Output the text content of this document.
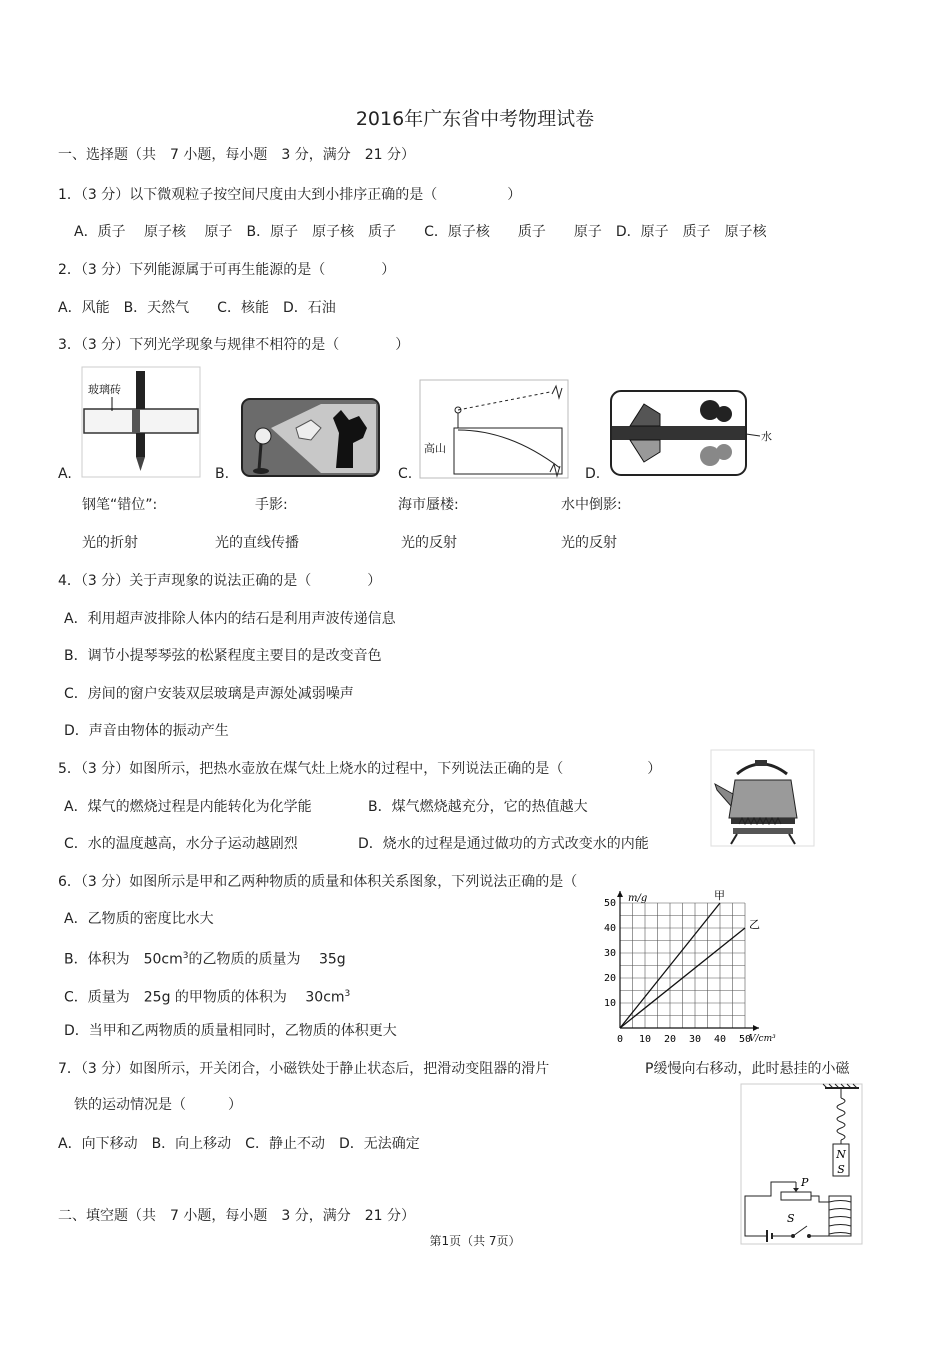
2016年广东省中考物理试卷
一、选择题（共　7 小题，每小题　3 分，满分　21 分）
1．（3 分）以下微观粒子按空间尺度由大到小排序正确的是（　　　　　）
A．质子　 原子核　 原子　B．原子　原子核　质子　　C．原子核　　质子　　原子　D．原子　质子　原子核
2．（3 分）下列能源属于可再生能源的是（　　　　）
A．风能　B．天然气　　C．核能　D．石油
3．（3 分）下列光学现象与规律不相符的是（　　　　）
A.
玻璃砖
B.	C.
高山
D.
水
钢笔“错位”:	手影:	海市蜃楼:	水中倒影:
光的折射	光的直线传播	光的反射	光的反射
4．（3 分）关于声现象的说法正确的是（　　　　）
A．利用超声波排除人体内的结石是利用声波传递信息
B．调节小提琴琴弦的松紧程度主要目的是改变音色
C．房间的窗户安装双层玻璃是声源处减弱噪声
D．声音由物体的振动产生
5．（3 分）如图所示，把热水壶放在煤气灶上烧水的过程中，下列说法正确的是（　　　　　　）
A．煤气的燃烧过程是内能转化为化学能	B．煤气燃烧越充分，它的热值越大
C．水的温度越高，水分子运动越剧烈	D．烧水的过程是通过做功的方式改变水的内能
6．（3 分）如图所示是甲和乙两种物质的质量和体积关系图象，下列说法正确的是（
A．乙物质的密度比水大
B．体积为　$50cm^3$的乙物质的质量为　 35g
C．质量为　25g 的甲物质的体积为　 $30cm^3$
D．当甲和乙两物质的质量相同时，乙物质的体积更大
m/g
V/cm³
0 10 20 30 40 50
10
20
30
40
50
甲
乙
7．（3 分）如图所示，开关闭合，小磁铁处于静止状态后，把滑动变阻器的滑片	P缓慢向右移动，此时悬挂的小磁
铁的运动情况是（　　　）
A．向下移动　B．向上移动　C．静止不动　D．无法确定
N
S
P
S
二、填空题（共　7 小题，每小题　3 分，满分　21 分）
第1页（共 7页）
